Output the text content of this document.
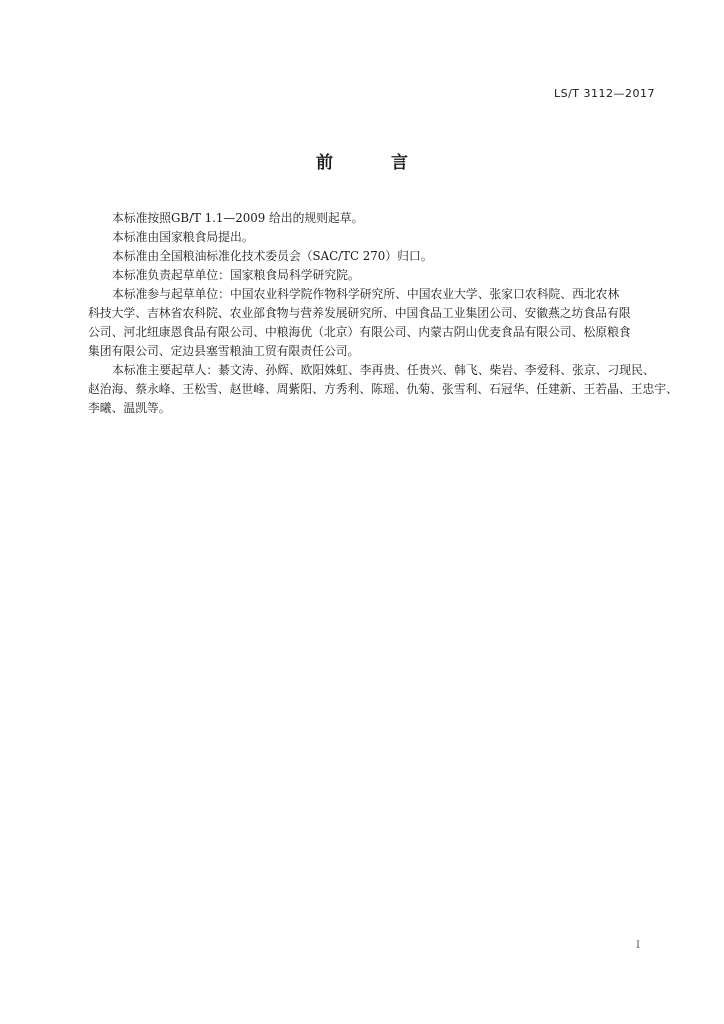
LS/T 3112—2017
前 言
本标准按照GB/T 1.1—2009 给出的规则起草。
本标准由国家粮食局提出。
本标准由全国粮油标准化技术委员会（SAC/TC 270）归口。
本标准负责起草单位：国家粮食局科学研究院。
本标准参与起草单位：中国农业科学院作物科学研究所、中国农业大学、张家口农科院、西北农林
科技大学、吉林省农科院、农业部食物与营养发展研究所、中国食品工业集团公司、安徽燕之坊食品有限
公司、河北纽康恩食品有限公司、中粮海优（北京）有限公司、内蒙古阴山优麦食品有限公司、松原粮食
集团有限公司、定边县塞雪粮油工贸有限责任公司。
本标准主要起草人：綦文涛、孙辉、欧阳姝虹、李再贵、任贵兴、韩飞、柴岩、李爱科、张京、刁现民、
赵治海、蔡永峰、王松雪、赵世峰、周紫阳、方秀利、陈瑶、仇菊、张雪利、石冠华、任建新、王若晶、王忠宇、
李曦、温凯等。
I
